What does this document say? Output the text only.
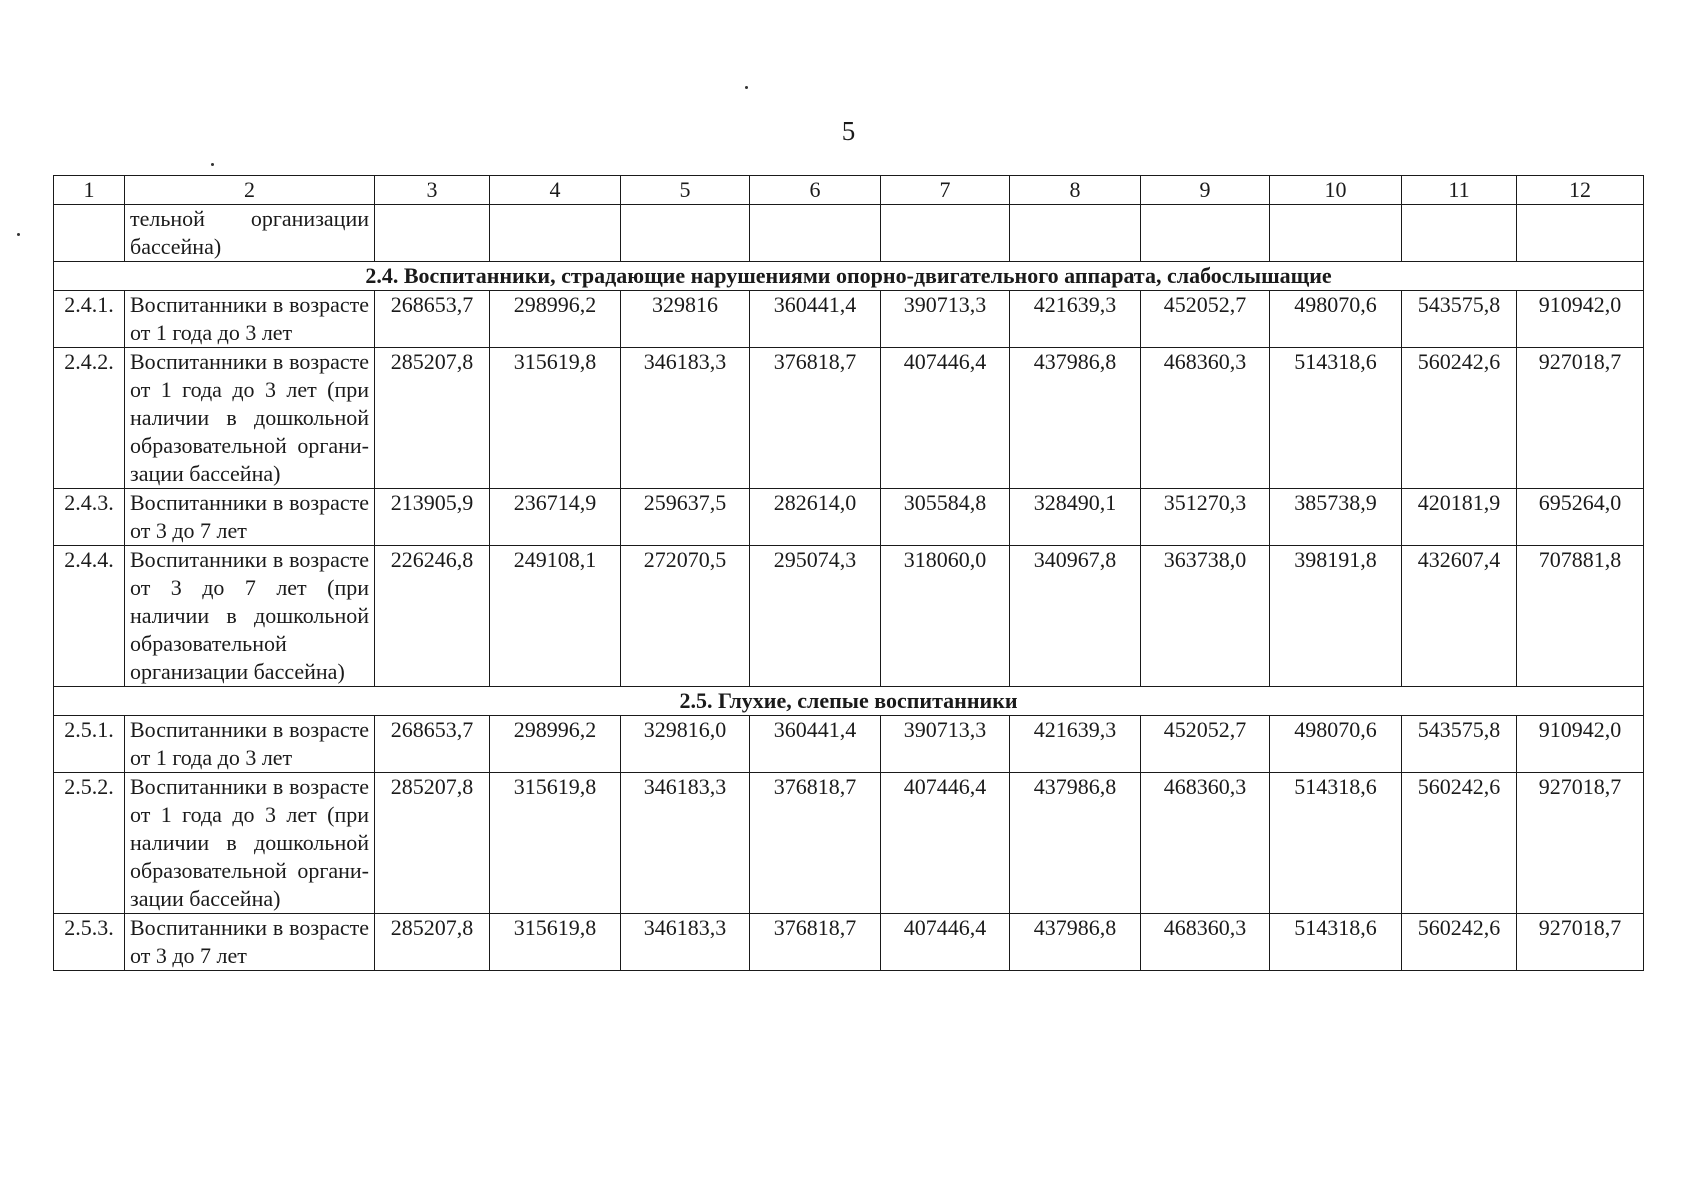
5
1	2	3	4	5	6	7	8	9	10	11	12
	тельной организации бассейна)										
2.4. Воспитанники, страдающие нарушениями опорно-двигательного аппарата, слабослышащие											
2.4.1.	Воспитанники в возрасте от 1 года до 3 лет	268653,7	298996,2	329816	360441,4	390713,3	421639,3	452052,7	498070,6	543575,8	910942,0
2.4.2.	Воспитанники в возрасте от 1 года до 3 лет (при наличии в дошкольной образовательной организации бассейна)	285207,8	315619,8	346183,3	376818,7	407446,4	437986,8	468360,3	514318,6	560242,6	927018,7
2.4.3.	Воспитанники в возрасте от 3 до 7 лет	213905,9	236714,9	259637,5	282614,0	305584,8	328490,1	351270,3	385738,9	420181,9	695264,0
2.4.4.	Воспитанники в возрасте от 3 до 7 лет (при наличии в дошкольной образовательной организации бассейна)	226246,8	249108,1	272070,5	295074,3	318060,0	340967,8	363738,0	398191,8	432607,4	707881,8
2.5. Глухие, слепые воспитанники											
2.5.1.	Воспитанники в возрасте от 1 года до 3 лет	268653,7	298996,2	329816,0	360441,4	390713,3	421639,3	452052,7	498070,6	543575,8	910942,0
2.5.2.	Воспитанники в возрасте от 1 года до 3 лет (при наличии в дошкольной образовательной организации бассейна)	285207,8	315619,8	346183,3	376818,7	407446,4	437986,8	468360,3	514318,6	560242,6	927018,7
2.5.3.	Воспитанники в возрасте от 3 до 7 лет	285207,8	315619,8	346183,3	376818,7	407446,4	437986,8	468360,3	514318,6	560242,6	927018,7
